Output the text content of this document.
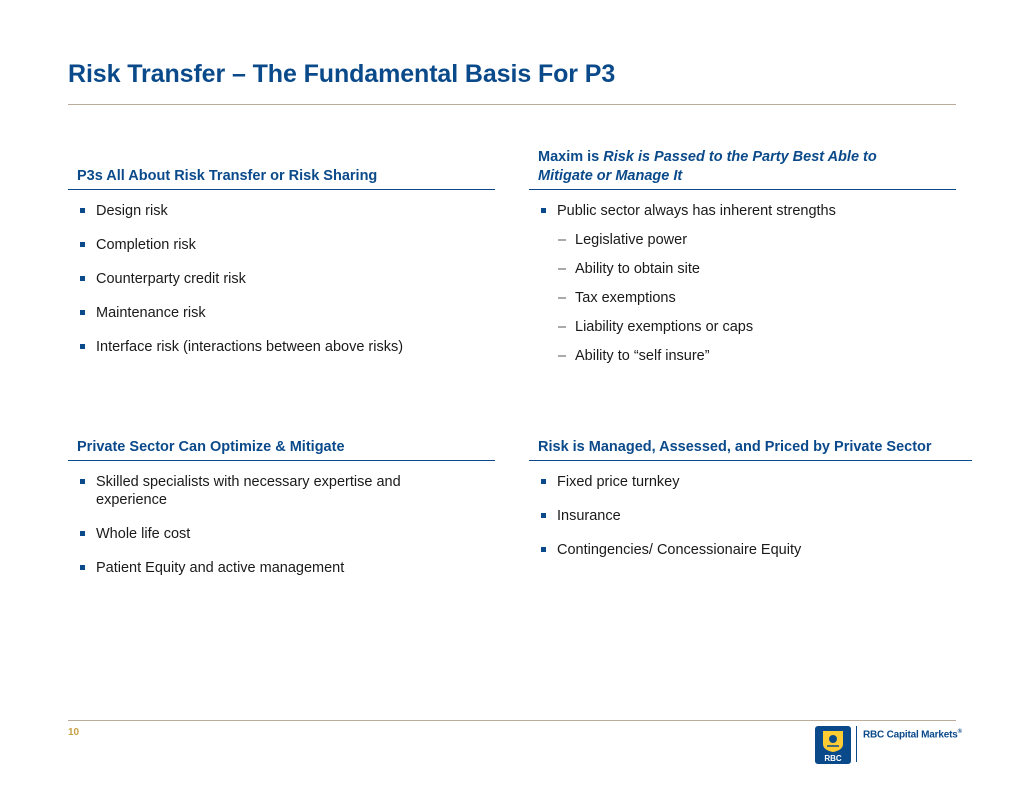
Risk Transfer – The Fundamental Basis For P3
P3s All About Risk Transfer or Risk Sharing
Design risk
Completion risk
Counterparty credit risk
Maintenance risk
Interface risk (interactions between above risks)
Maxim is Risk is Passed to the Party Best Able to
Mitigate or Manage It
Public sector always has inherent strengths
– Legislative power
– Ability to obtain site
– Tax exemptions
– Liability exemptions or caps
– Ability to “self insure”
Private Sector Can Optimize & Mitigate
Skilled specialists with necessary expertise and experience
Whole life cost
Patient Equity and active management
Risk is Managed, Assessed, and Priced by Private Sector
Fixed price turnkey
Insurance
Contingencies/ Concessionaire Equity
10
RBC
RBC Capital Markets®
